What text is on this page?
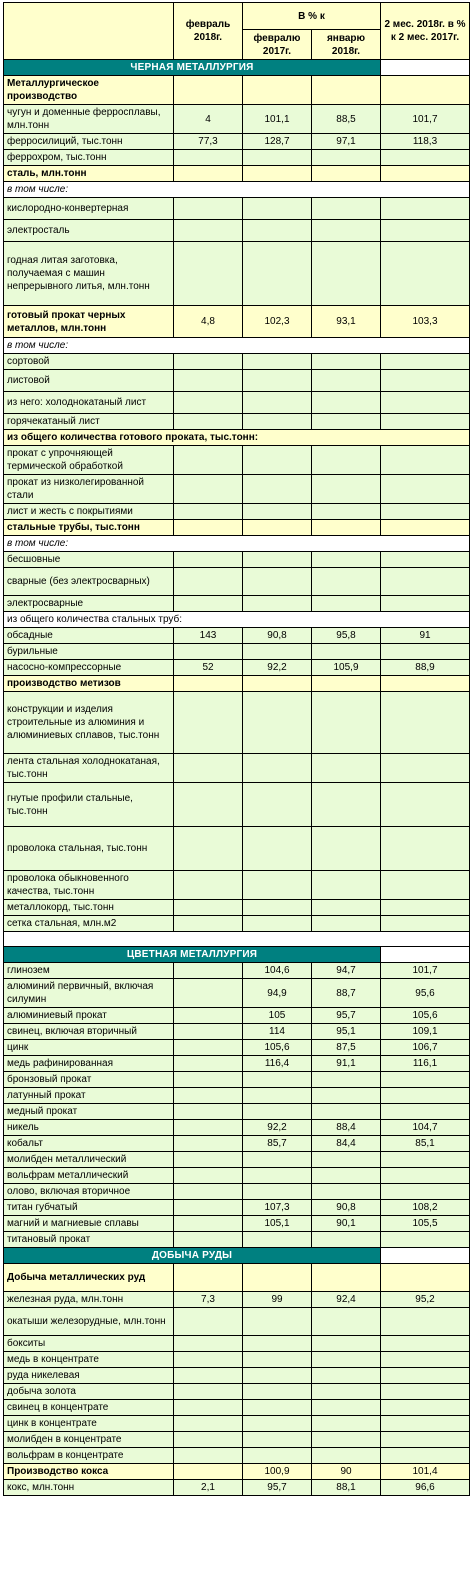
	февраль 2018г.	В % к		2 мес. 2018г. в % к 2 мес. 2017г.
		февралю 2017г.	январю 2018г.	
ЧЕРНАЯ МЕТАЛЛУРГИЯ				
Металлургическое производство				
чугун и доменные ферросплавы, млн.тонн	4	101,1	88,5	101,7
ферросилиций, тыс.тонн	77,3	128,7	97,1	118,3
феррохром, тыс.тонн				
сталь, млн.тонн				
в том числе:				
кислородно-конвертерная				
электросталь				
годная литая заготовка, получаемая с машин непрерывного литья, млн.тонн				
готовый прокат черных металлов, млн.тонн	4,8	102,3	93,1	103,3
в том числе:				
сортовой				
листовой				
из него: холоднокатаный лист				
горячекатаный лист				
из общего количества готового проката, тыс.тонн:				
прокат с упрочняющей термической обработкой				
прокат из низколегированной стали				
лист и жесть с покрытиями				
стальные трубы, тыс.тонн				
в том числе:				
бесшовные				
сварные (без электросварных)				
электросварные				
из общего количества стальных труб:				
обсадные	143	90,8	95,8	91
бурильные				
насосно-компрессорные	52	92,2	105,9	88,9
производство метизов				
конструкции и изделия строительные из алюминия и алюминиевых сплавов, тыс.тонн				
лента стальная холоднокатаная, тыс.тонн				
гнутые профили стальные, тыс.тонн				
проволока стальная, тыс.тонн				
проволока обыкновенного качества, тыс.тонн				
металлокорд, тыс.тонн				
сетка стальная, млн.м2				

ЦВЕТНАЯ МЕТАЛЛУРГИЯ				
глинозем		104,6	94,7	101,7
алюминий первичный, включая силумин		94,9	88,7	95,6
алюминиевый прокат		105	95,7	105,6
свинец, включая вторичный		114	95,1	109,1
цинк		105,6	87,5	106,7
медь рафинированная		116,4	91,1	116,1
бронзовый прокат				
латунный прокат				
медный прокат				
никель		92,2	88,4	104,7
кобальт		85,7	84,4	85,1
молибден металлический				
вольфрам металлический				
олово, включая вторичное				
титан губчатый		107,3	90,8	108,2
магний и магниевые сплавы		105,1	90,1	105,5
титановый прокат				
ДОБЫЧА РУДЫ				
Добыча металлических руд				
железная руда, млн.тонн	7,3	99	92,4	95,2
окатыши железорудные, млн.тонн				
бокситы				
медь в концентрате				
руда никелевая				
добыча золота				
свинец в концентрате				
цинк в концентрате				
молибден в концентрате				
вольфрам в концентрате				
Производство кокса		100,9	90	101,4
кокс, млн.тонн	2,1	95,7	88,1	96,6
